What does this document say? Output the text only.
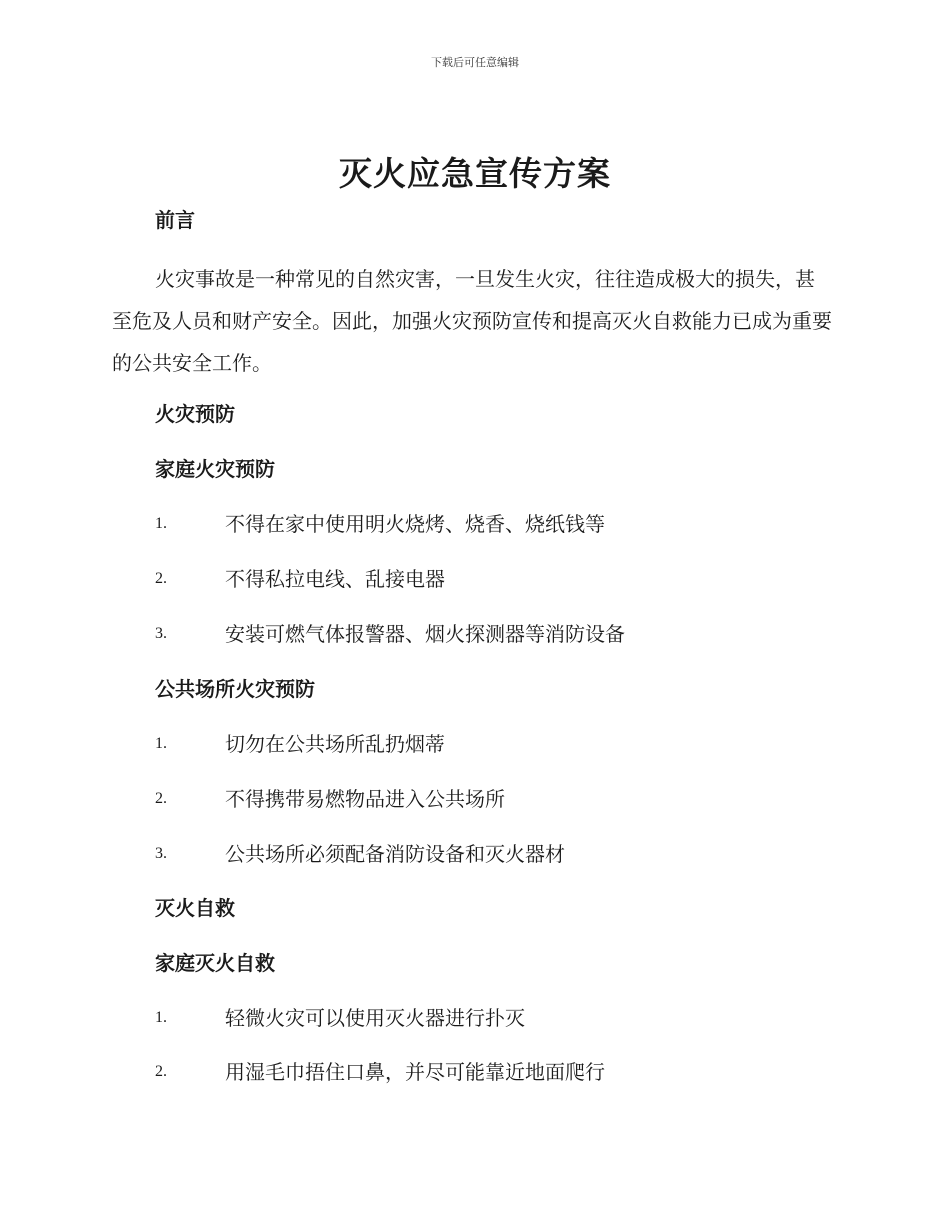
下载后可任意编辑
灭火应急宣传方案
前言

火灾事故是一种常见的自然灾害，一旦发生火灾，往往造成极大的损失，甚至危及人员和财产安全。因此，加强火灾预防宣传和提高灭火自救能力已成为重要的公共安全工作。

火灾预防
家庭火灾预防
1.	不得在家中使用明火烧烤、烧香、烧纸钱等
2.	不得私拉电线、乱接电器
3.	安装可燃气体报警器、烟火探测器等消防设备
公共场所火灾预防
1.	切勿在公共场所乱扔烟蒂
2.	不得携带易燃物品进入公共场所
3.	公共场所必须配备消防设备和灭火器材
灭火自救
家庭灭火自救
1.	轻微火灾可以使用灭火器进行扑灭
2.	用湿毛巾捂住口鼻，并尽可能靠近地面爬行
